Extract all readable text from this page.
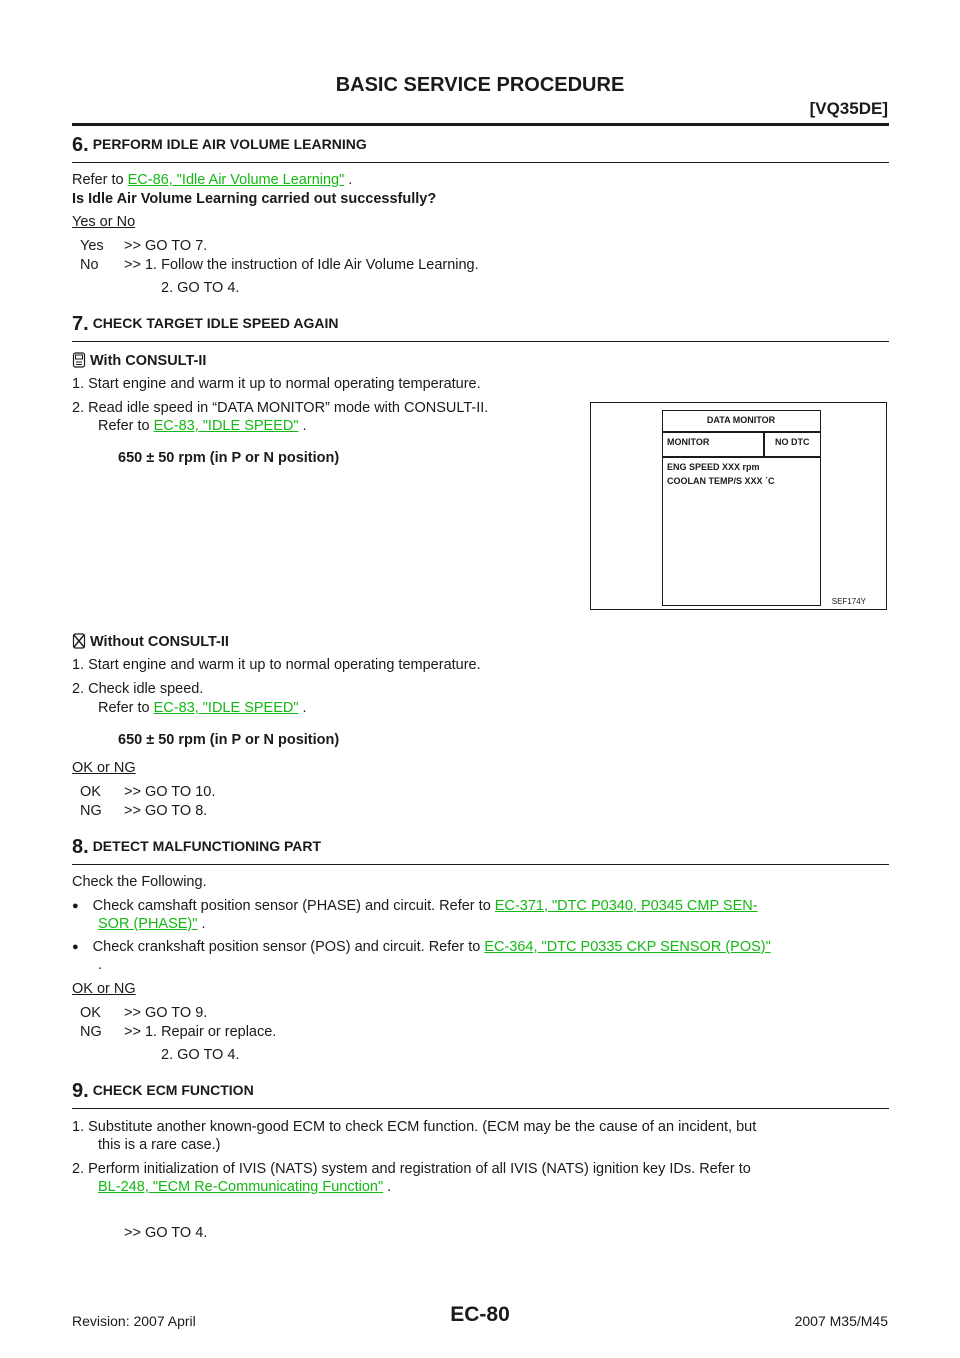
BASIC SERVICE PROCEDURE
[VQ35DE]
6. PERFORM IDLE AIR VOLUME LEARNING
Refer to EC-86, "Idle Air Volume Learning" .
Is Idle Air Volume Learning carried out successfully?
Yes or No
Yes >> GO TO 7.
No >> 1. Follow the instruction of Idle Air Volume Learning.
2. GO TO 4.
7. CHECK TARGET IDLE SPEED AGAIN
With CONSULT-II
1. Start engine and warm it up to normal operating temperature.
2. Read idle speed in “DATA MONITOR” mode with CONSULT-II.
Refer to EC-83, "IDLE SPEED" .
650 ± 50 rpm (in P or N position)
DATA MONITOR
MONITOR	NO DTC
ENG SPEED XXX rpm
COOLAN TEMP/S XXX ´C
SEF174Y
Without CONSULT-II
1. Start engine and warm it up to normal operating temperature.
2. Check idle speed.
Refer to EC-83, "IDLE SPEED" .
650 ± 50 rpm (in P or N position)
OK or NG
OK >> GO TO 10.
NG >> GO TO 8.
8. DETECT MALFUNCTIONING PART
Check the Following.
● Check camshaft position sensor (PHASE) and circuit. Refer to EC-371, "DTC P0340, P0345 CMP SEN-
SOR (PHASE)" .
● Check crankshaft position sensor (POS) and circuit. Refer to EC-364, "DTC P0335 CKP SENSOR (POS)"
.
OK or NG
OK >> GO TO 9.
NG >> 1. Repair or replace.
2. GO TO 4.
9. CHECK ECM FUNCTION
1. Substitute another known-good ECM to check ECM function. (ECM may be the cause of an incident, but
this is a rare case.)
2. Perform initialization of IVIS (NATS) system and registration of all IVIS (NATS) ignition key IDs. Refer to
BL-248, "ECM Re-Communicating Function" .
>> GO TO 4.
Revision: 2007 April	EC-80	2007 M35/M45
